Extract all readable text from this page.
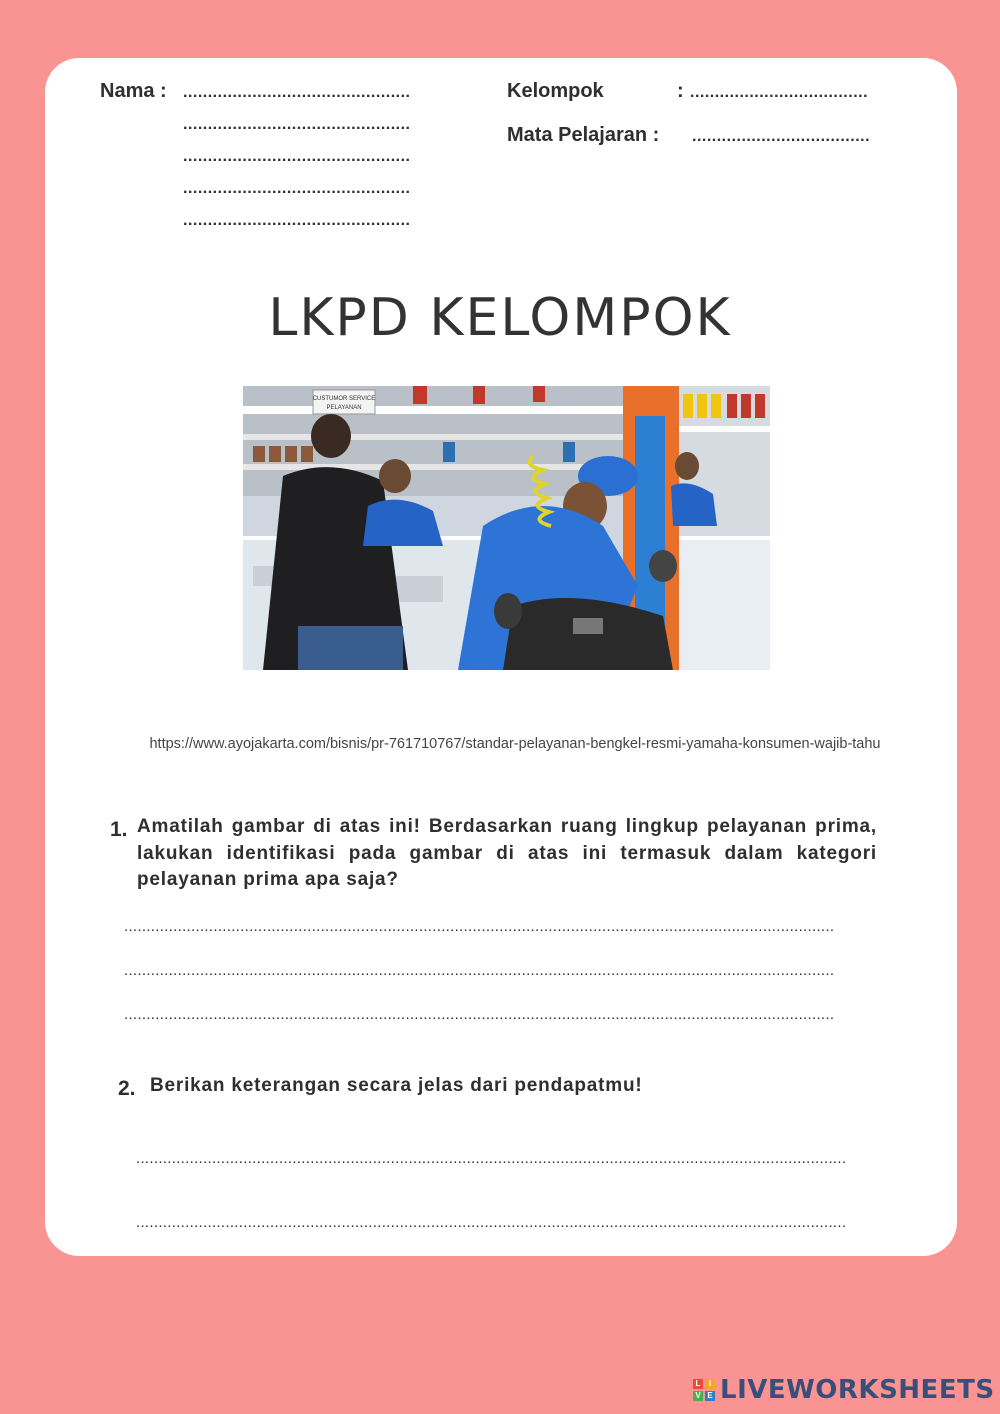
Nama : ..............................................
..............................................
..............................................
..............................................
..............................................
Kelompok	: ....................................
Mata Pelajaran : ....................................
LKPD KELOMPOK
CUSTUMOR SERVICE
PELAYANAN
https://www.ayojakarta.com/bisnis/pr-761710767/standar-pelayanan-bengkel-resmi-yamaha-konsumen-wajib-tahu
1. Amatilah gambar di atas ini! Berdasarkan ruang lingkup pelayanan prima, lakukan identifikasi pada gambar di atas ini termasuk dalam kategori pelayanan prima apa saja?
...............................................................................................................................................................
...............................................................................................................................................................
...............................................................................................................................................................
2. Berikan keterangan secara jelas dari pendapatmu!
...............................................................................................................................................................
...............................................................................................................................................................
L	I
V E LIVEWORKSHEETS
